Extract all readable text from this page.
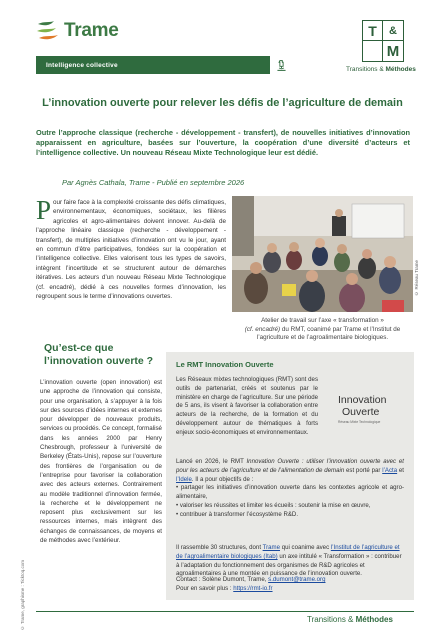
Trame	T	&
M
Transitions & Méthodes
Intelligence collective
L’innovation ouverte pour relever les défis de l’agriculture de demain
Outre l’approche classique (recherche - développement - transfert), de nouvelles initiatives d’innovation apparaissent en agriculture, basées sur l’ouverture, la coopération d’une diversité d’acteurs et l’intelligence collective. Un nouveau Réseau Mixte Technologique leur est dédié.
Par Agnès Cathala, Trame - Publié en septembre 2026
Pour faire face à la complexité croissante des défis climatiques, environnementaux, économiques, sociétaux, les filières agricoles et agro-alimentaires doivent innover. Au-delà de l’approche linéaire classique (recherche - développement - transfert), de multiples initiatives d’innovation ont vu le jour, ayant en commun d’être participatives, fondées sur la coopération et l’intelligence collective. Elles valorisent tous les types de savoirs, intègrent l’incertitude et se structurent autour de démarches itératives. Les acteurs d’un nouveau Réseau Mixte Technologique (cf. encadré), dédié à ces nouvelles formes d’innovation, les regroupent sous le terme d’innovations ouvertes.
© Réseau Trame
Atelier de travail sur l’axe « transformation »
(cf. encadré) du RMT, coanimé par Trame et l’Institut de l’agriculture et de l’agroalimentaire biologiques.
Qu’est-ce que l’innovation ouverte ?
L’innovation ouverte (open innovation) est une approche de l’innovation qui consiste, pour une organisation, à s’appuyer à la fois sur des sources d’idées internes et externes pour développer de nouveaux produits, services ou procédés. Ce concept, formalisé dans les années 2000 par Henry Chesbrough, professeur à l’université de Berkeley (États-Unis), repose sur l’ouverture des frontières de l’organisation ou de l’entreprise pour favoriser la collaboration avec des acteurs externes. Contrairement au modèle traditionnel d’innovation fermée, la recherche et le développement ne reposent plus exclusivement sur les ressources internes, mais intègrent des échanges de connaissances, de moyens et de méthodes avec l’extérieur.
© Trame, graphisme : Ticktoq.com
Le RMT Innovation Ouverte
Les Réseaux mixtes technologiques (RMT) sont des outils de partenariat, créés et soutenus par le ministère en charge de l’agriculture. Sur une période de 5 ans, ils visent à favoriser la collaboration entre acteurs de la recherche, de la formation et du développement autour de thématiques à forts enjeux socio-économiques et environnementaux.
Innovation
Ouverte
Réseau Mixte Technologique
Lancé en 2026, le RMT Innovation Ouverte : utiliser l’innovation ouverte avec et pour les acteurs de l’agriculture et de l’alimentation de demain est porté par l’Acta et l’Idele. Il a pour objectifs de :
• partager les initiatives d’innovation ouverte dans les contextes agricole et agro-alimentaire,
• valoriser les réussites et limiter les écueils : soutenir la mise en œuvre,
• contribuer à transformer l’écosystème R&D.
Il rassemble 30 structures, dont Trame qui coanime avec l’Institut de l’agriculture et de l’agroalimentaire biologiques (Itab) un axe intitulé « Transformation » : contribuer à l’adaptation du fonctionnement des organismes de R&D agricoles et agroalimentaires à une montée en puissance de l’innovation ouverte.
Contact : Solène Dumont, Trame, s.dumont@trame.org
Pour en savoir plus : https://rmt-io.fr
Transitions & Méthodes
